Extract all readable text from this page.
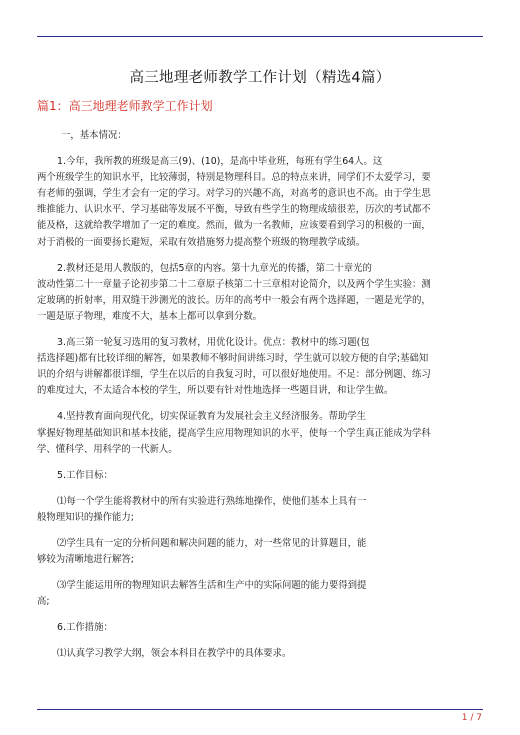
高三地理老师教学工作计划（精选4篇）
篇1：高三地理老师教学工作计划

一，基本情况：

1.今年，我所教的班级是高三(9)、(10)，是高中毕业班，每班有学生64人。这
两个班级学生的知识水平，比较薄弱，特别是物理科目。总的特点来讲，同学们不太爱学习，要
有老师的强调，学生才会有一定的学习。对学习的兴趣不高，对高考的意识也不高。由于学生思
维推能力、认识水平、学习基础等发展不平衡，导致有些学生的物理成绩很差，历次的考试都不
能及格，这就给教学增加了一定的难度。然而，做为一名教师，应该要看到学习的积极的一面，
对于消极的一面要扬长避短，采取有效措施努力提高整个班级的物理教学成绩。

2.教材还是用人教版的，包括5章的内容。第十九章光的传播，第二十章光的
波动性第二十一章量子论初步第二十二章原子核第二十三章相对论简介，以及两个学生实验：测
定玻璃的折射率，用双缝干涉测光的波长。历年的高考中一般会有两个选择题，一题是光学的，
一题是原子物理，难度不大，基本上都可以拿到分数。

3.高三第一轮复习选用的复习教材，用优化设计。优点：教材中的练习题(包
括选择题)都有比较详细的解答，如果教师不够时间讲练习时，学生就可以较方便的自学;基础知
识的介绍与讲解都很详细，学生在以后的自我复习时，可以很好地使用。不足：部分例题、练习
的难度过大，不太适合本校的学生，所以要有针对性地选择一些题目讲，和让学生做。

4.坚持教育面向现代化，切实保证教育为发展社会主义经济服务。帮助学生
掌握好物理基础知识和基本技能，提高学生应用物理知识的水平，使每一个学生真正能成为学科
学、懂科学、用科学的一代新人。

5.工作目标：

⑴每一个学生能将教材中的所有实验进行熟练地操作，使他们基本上具有一
般物理知识的操作能力;

⑵学生具有一定的分析问题和解决问题的能力，对一些常见的计算题目，能
够较为清晰地进行解答;

⑶学生能运用所的物理知识去解答生活和生产中的实际问题的能力要得到提
高;

6.工作措施：

⑴认真学习教学大纲，领会本科目在教学中的具体要求。

1 / 7
